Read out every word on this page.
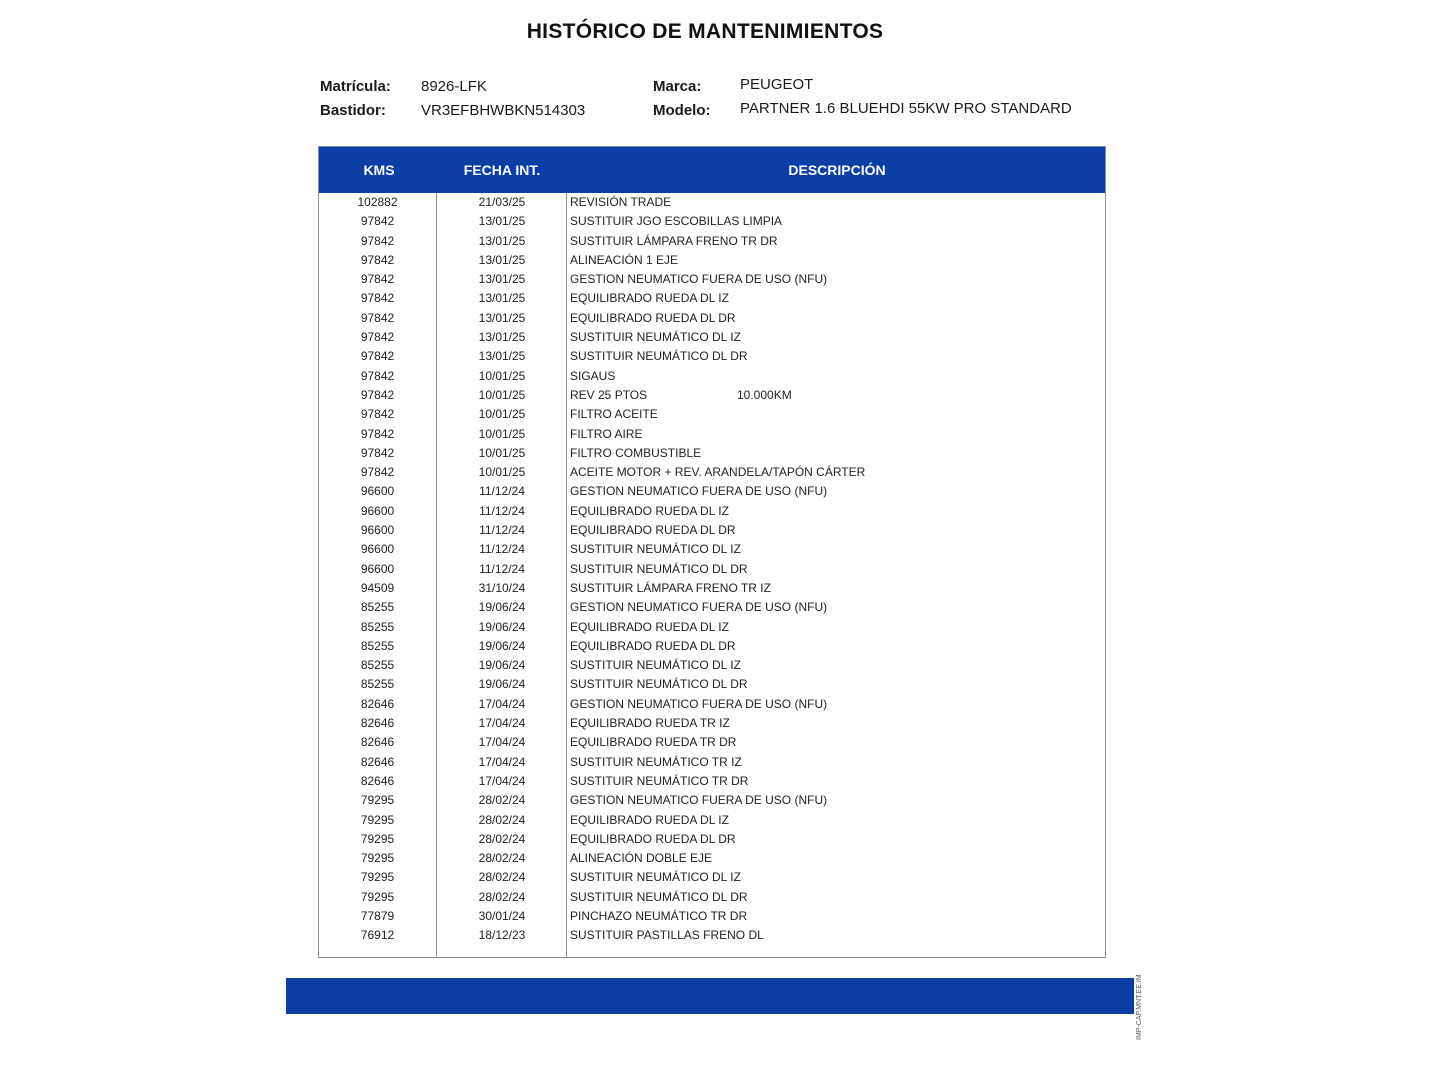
HISTÓRICO DE MANTENIMIENTOS
Matrícula: 8926-LFK
Bastidor: VR3EFBHWBKN514303
Marca:	PEUGEOT
Modelo: PARTNER 1.6 BLUEHDI 55KW PRO STANDARD
KMS	FECHA INT.	DESCRIPCIÓN
102882	21/03/25	REVISIÓN TRADE
97842	13/01/25	SUSTITUIR JGO ESCOBILLAS LIMPIA
97842	13/01/25	SUSTITUIR LÁMPARA FRENO TR DR
97842	13/01/25	ALINEACIÓN 1 EJE
97842	13/01/25	GESTION NEUMATICO FUERA DE USO (NFU)
97842	13/01/25	EQUILIBRADO RUEDA DL IZ
97842	13/01/25	EQUILIBRADO RUEDA DL DR
97842	13/01/25	SUSTITUIR NEUMÁTICO DL IZ
97842	13/01/25	SUSTITUIR NEUMÁTICO DL DR
97842	10/01/25	SIGAUS
97842	10/01/25	REV 25 PTOS	10.000KM
97842	10/01/25	FILTRO ACEITE
97842	10/01/25	FILTRO AIRE
97842	10/01/25	FILTRO COMBUSTIBLE
97842	10/01/25	ACEITE MOTOR + REV. ARANDELA/TAPÓN CÁRTER
96600	11/12/24	GESTION NEUMATICO FUERA DE USO (NFU)
96600	11/12/24	EQUILIBRADO RUEDA DL IZ
96600	11/12/24	EQUILIBRADO RUEDA DL DR
96600	11/12/24	SUSTITUIR NEUMÁTICO DL IZ
96600	11/12/24	SUSTITUIR NEUMÁTICO DL DR
94509	31/10/24	SUSTITUIR LÁMPARA FRENO TR IZ
85255	19/06/24	GESTION NEUMATICO FUERA DE USO (NFU)
85255	19/06/24	EQUILIBRADO RUEDA DL IZ
85255	19/06/24	EQUILIBRADO RUEDA DL DR
85255	19/06/24	SUSTITUIR NEUMÁTICO DL IZ
85255	19/06/24	SUSTITUIR NEUMÁTICO DL DR
82646	17/04/24	GESTION NEUMATICO FUERA DE USO (NFU)
82646	17/04/24	EQUILIBRADO RUEDA TR IZ
82646	17/04/24	EQUILIBRADO RUEDA TR DR
82646	17/04/24	SUSTITUIR NEUMÁTICO TR IZ
82646	17/04/24	SUSTITUIR NEUMÁTICO TR DR
79295	28/02/24	GESTION NEUMATICO FUERA DE USO (NFU)
79295	28/02/24	EQUILIBRADO RUEDA DL IZ
79295	28/02/24	EQUILIBRADO RUEDA DL DR
79295	28/02/24	ALINEACIÓN DOBLE EJE
79295	28/02/24	SUSTITUIR NEUMÁTICO DL IZ
79295	28/02/24	SUSTITUIR NEUMÁTICO DL DR
77879	30/01/24	PINCHAZO NEUMÁTICO TR DR
76912	18/12/23	SUSTITUIR PASTILLAS FRENO DL
IMP-CAP.MNT.EE.IM
